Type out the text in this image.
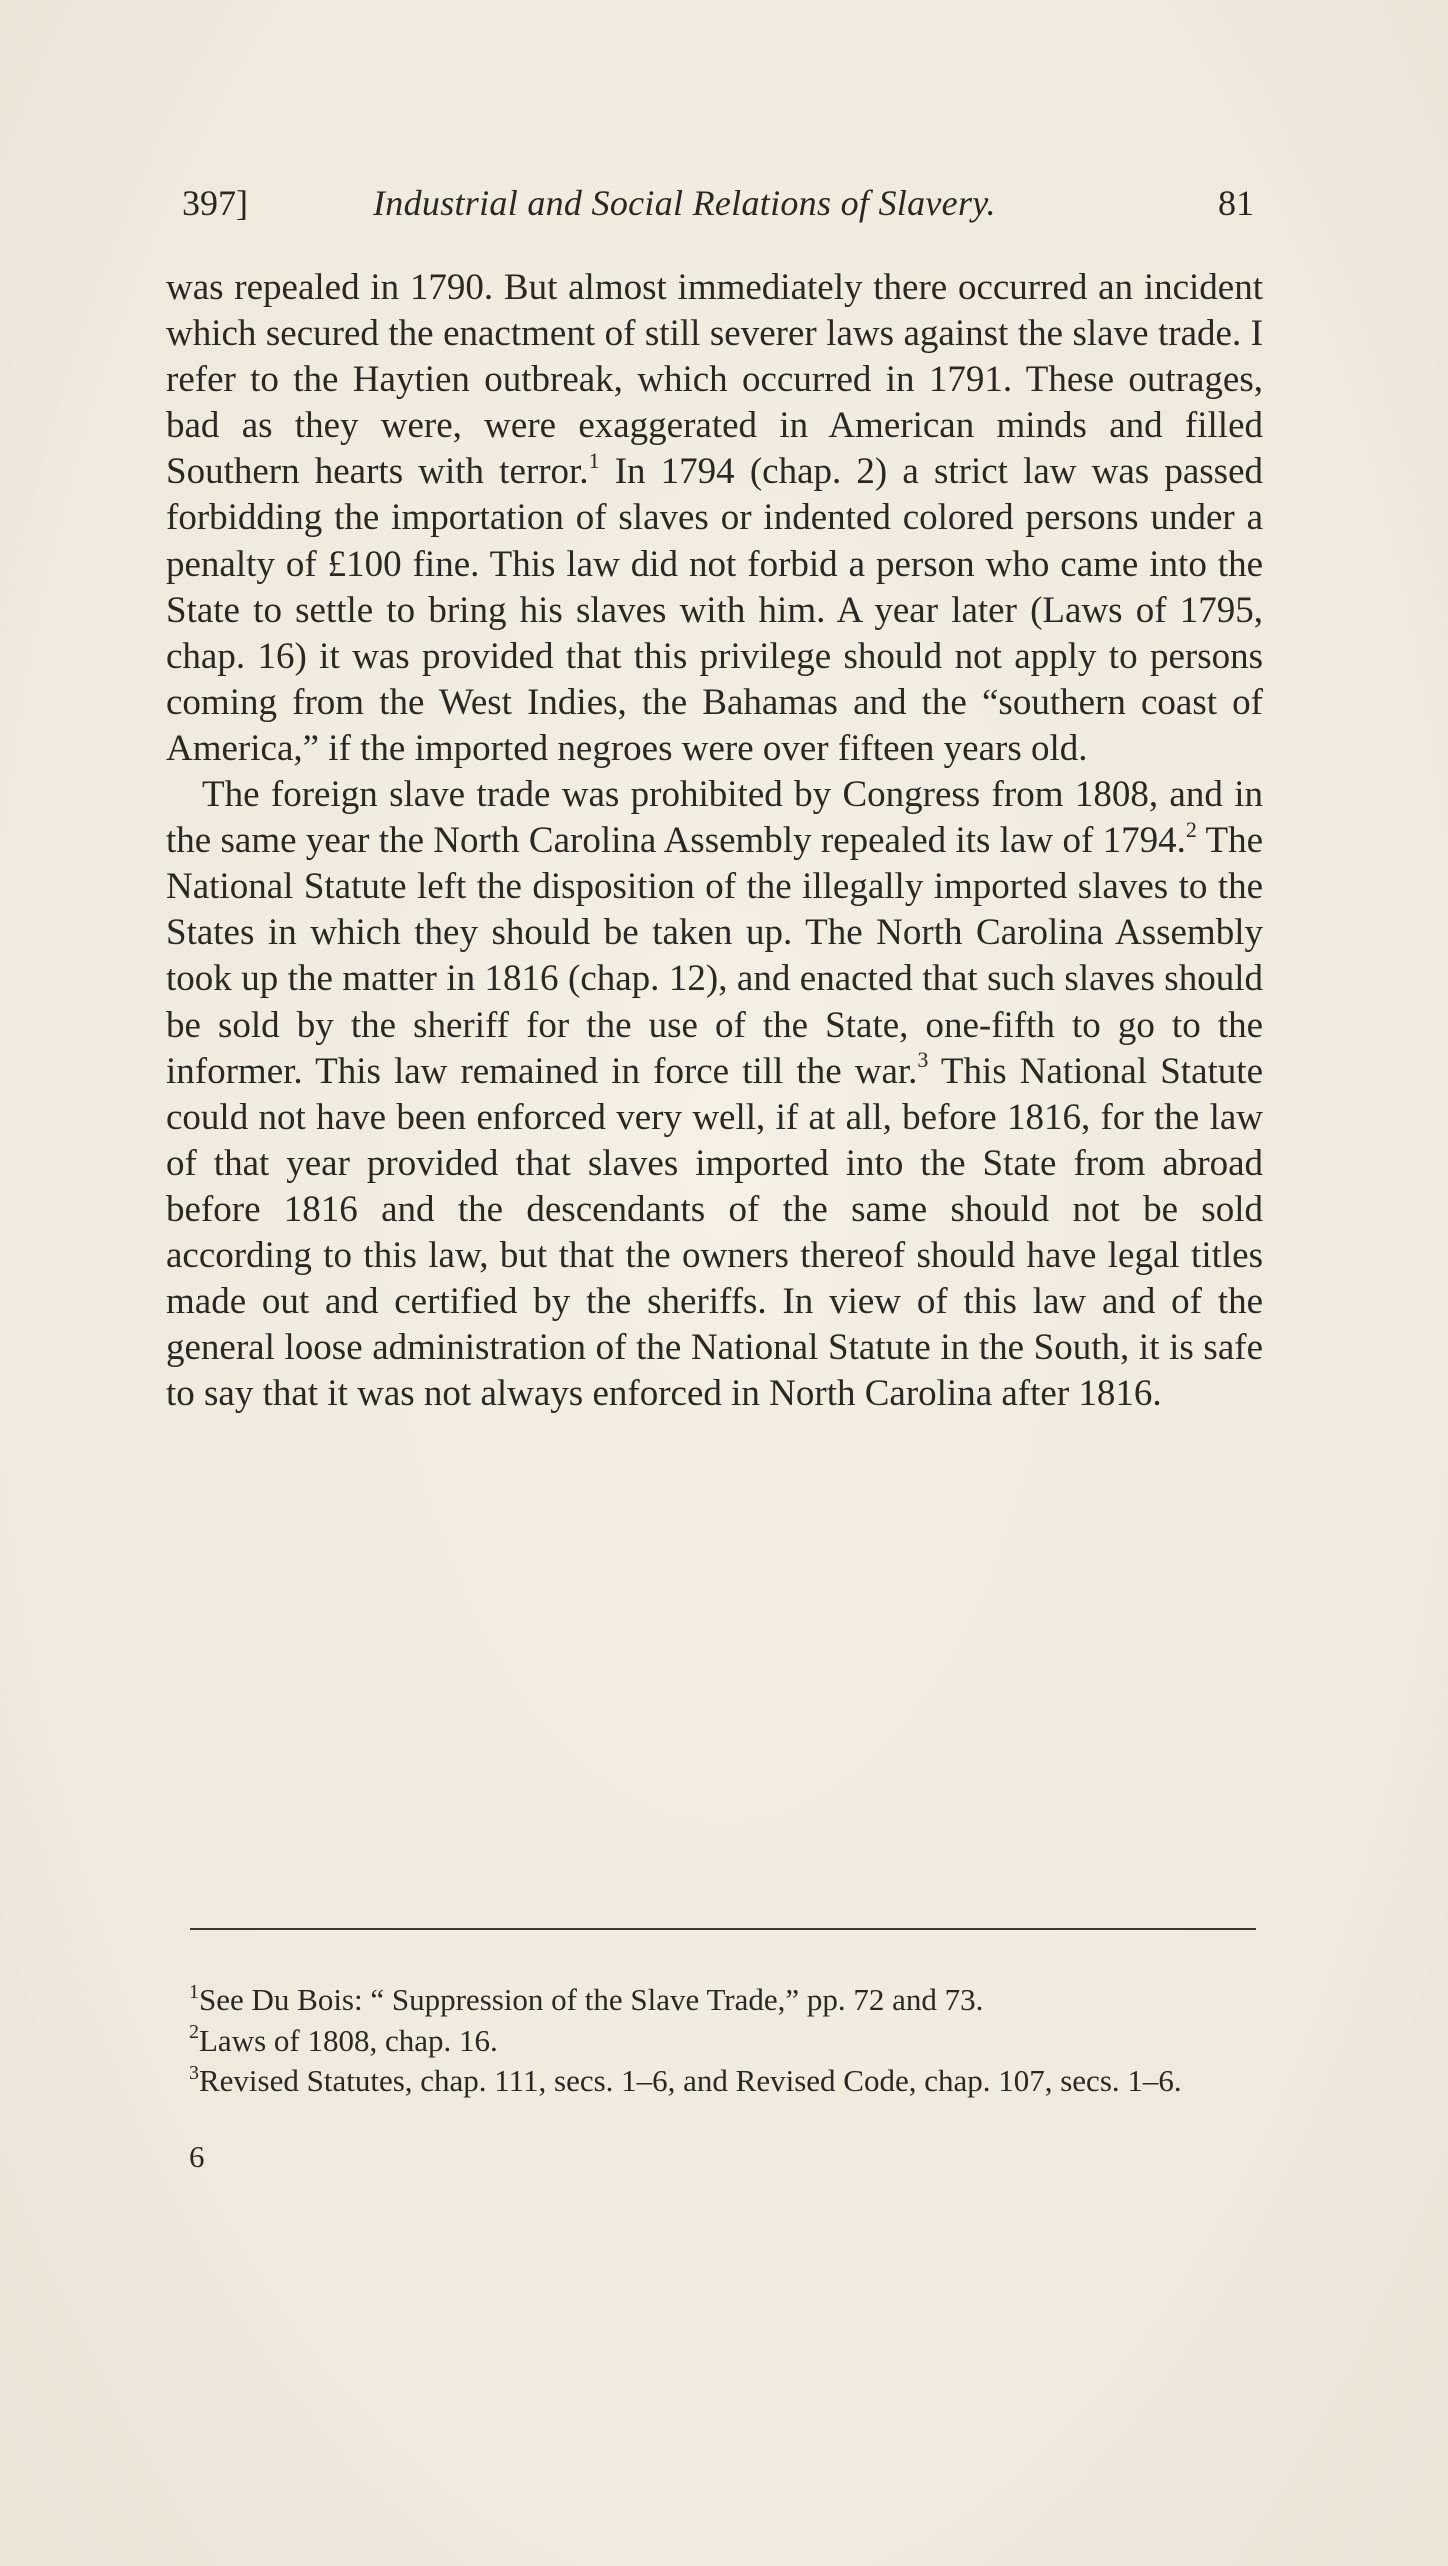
397]	Industrial and Social Relations of Slavery.	81

was repealed in 1790. But almost immediately there occurred an incident which secured the enactment of still severer laws against the slave trade. I refer to the Haytien outbreak, which occurred in 1791. These outrages, bad as they were, were exaggerated in American minds and filled Southern hearts with terror.$^1$ In 1794 (chap. 2) a strict law was passed forbidding the importation of slaves or indented colored persons under a penalty of £100 fine. This law did not forbid a person who came into the State to settle to bring his slaves with him. A year later (Laws of 1795, chap. 16) it was provided that this privilege should not apply to persons coming from the West Indies, the Bahamas and the “southern coast of America,” if the imported negroes were over fifteen years old.

The foreign slave trade was prohibited by Congress from 1808, and in the same year the North Carolina Assembly repealed its law of 1794.$^2$ The National Statute left the disposition of the illegally imported slaves to the States in which they should be taken up. The North Carolina Assembly took up the matter in 1816 (chap. 12), and enacted that such slaves should be sold by the sheriff for the use of the State, one-fifth to go to the informer. This law remained in force till the war.$^3$ This National Statute could not have been enforced very well, if at all, before 1816, for the law of that year provided that slaves imported into the State from abroad before 1816 and the descendants of the same should not be sold according to this law, but that the owners thereof should have legal titles made out and certified by the sheriffs. In view of this law and of the general loose administration of the National Statute in the South, it is safe to say that it was not always enforced in North Carolina after 1816.

$^1$See Du Bois: “ Suppression of the Slave Trade,” pp. 72 and 73.

$^2$Laws of 1808, chap. 16.

$^3$Revised Statutes, chap. 111, secs. 1–6, and Revised Code, chap. 107, secs. 1–6.

6
